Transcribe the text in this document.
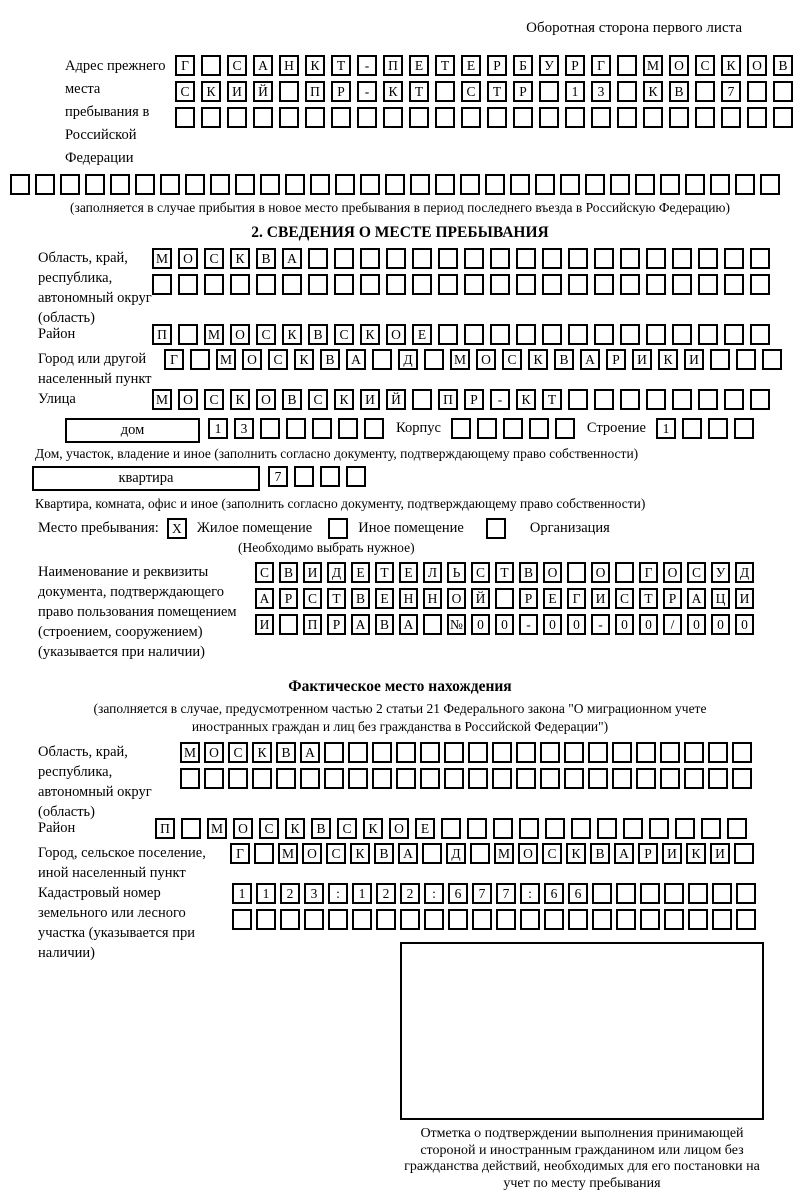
Оборотная сторона первого листа
Адрес прежнего места пребывания в Российской Федерации
Г	С	А	Н	К	Т	-	П	Е	Т	Е	Р	Б	У	Р	Г	М	О	С	К	О	В
С	К	И	Й	П	Р	-	К	Т	С	Т	Р	1	3	К	В	7
(заполняется в случае прибытия в новое место пребывания в период последнего въезда в Российскую Федерацию)
2. СВЕДЕНИЯ О МЕСТЕ ПРЕБЫВАНИЯ
Область, край, республика, автономный округ (область)
М	О	С	К	В	А
Район	П	М	О	С	К	В	С	К	О	Е
Город или другой населенный пункт
Г	М	О	С	К	В	А	Д	М	О	С	К	В	А	Р	И	К	И
Улица	М	О	С	К	О	В	С	К	И	Й	П	Р	-	К	Т
дом	1	3	Корпус	Строение	1
Дом, участок, владение и иное (заполнить согласно документу, подтверждающему право собственности)
квартира	7
Квартира, комната, офис и иное (заполнить согласно документу, подтверждающему право собственности)
Место пребывания: X	Жилое помещение	Иное помещение	Организация
(Необходимо выбрать нужное)
Наименование и реквизиты документа, подтверждающего право пользования помещением (строением, сооружением) (указывается при наличии)
С	В	И	Д	Е	Т	Е	Л	Ь	С	Т	В	О	О	Г	О	С	У	Д
А	Р	С	Т	В	Е	Н	Н	О	Й	Р	Е	Г	И	С	Т	Р	А	Ц	И
И	П	Р	А	В	А	№	0	0	-	0	0	-	0	0	/	0	0	0
Фактическое место нахождения
(заполняется в случае, предусмотренном частью 2 статьи 21 Федерального закона "О миграционном учете иностранных граждан и лиц без гражданства в Российской Федерации")
Область, край, республика, автономный округ (область)
М О	С	К	В	А
Район	П	М	О	С	К	В	С	К	О	Е
Город, сельское поселение, иной населенный пункт
Г	М О	С	К	В	А	Д	М О	С	К	В	А	Р	И	К	И
Кадастровый номер земельного или лесного участка (указывается при наличии)
1	1	2	3	:	1	2	2	:	6	7	7	:	6	6
Отметка о подтверждении выполнения принимающей стороной и иностранным гражданином или лицом без гражданства действий, необходимых для его постановки на учет по месту пребывания
